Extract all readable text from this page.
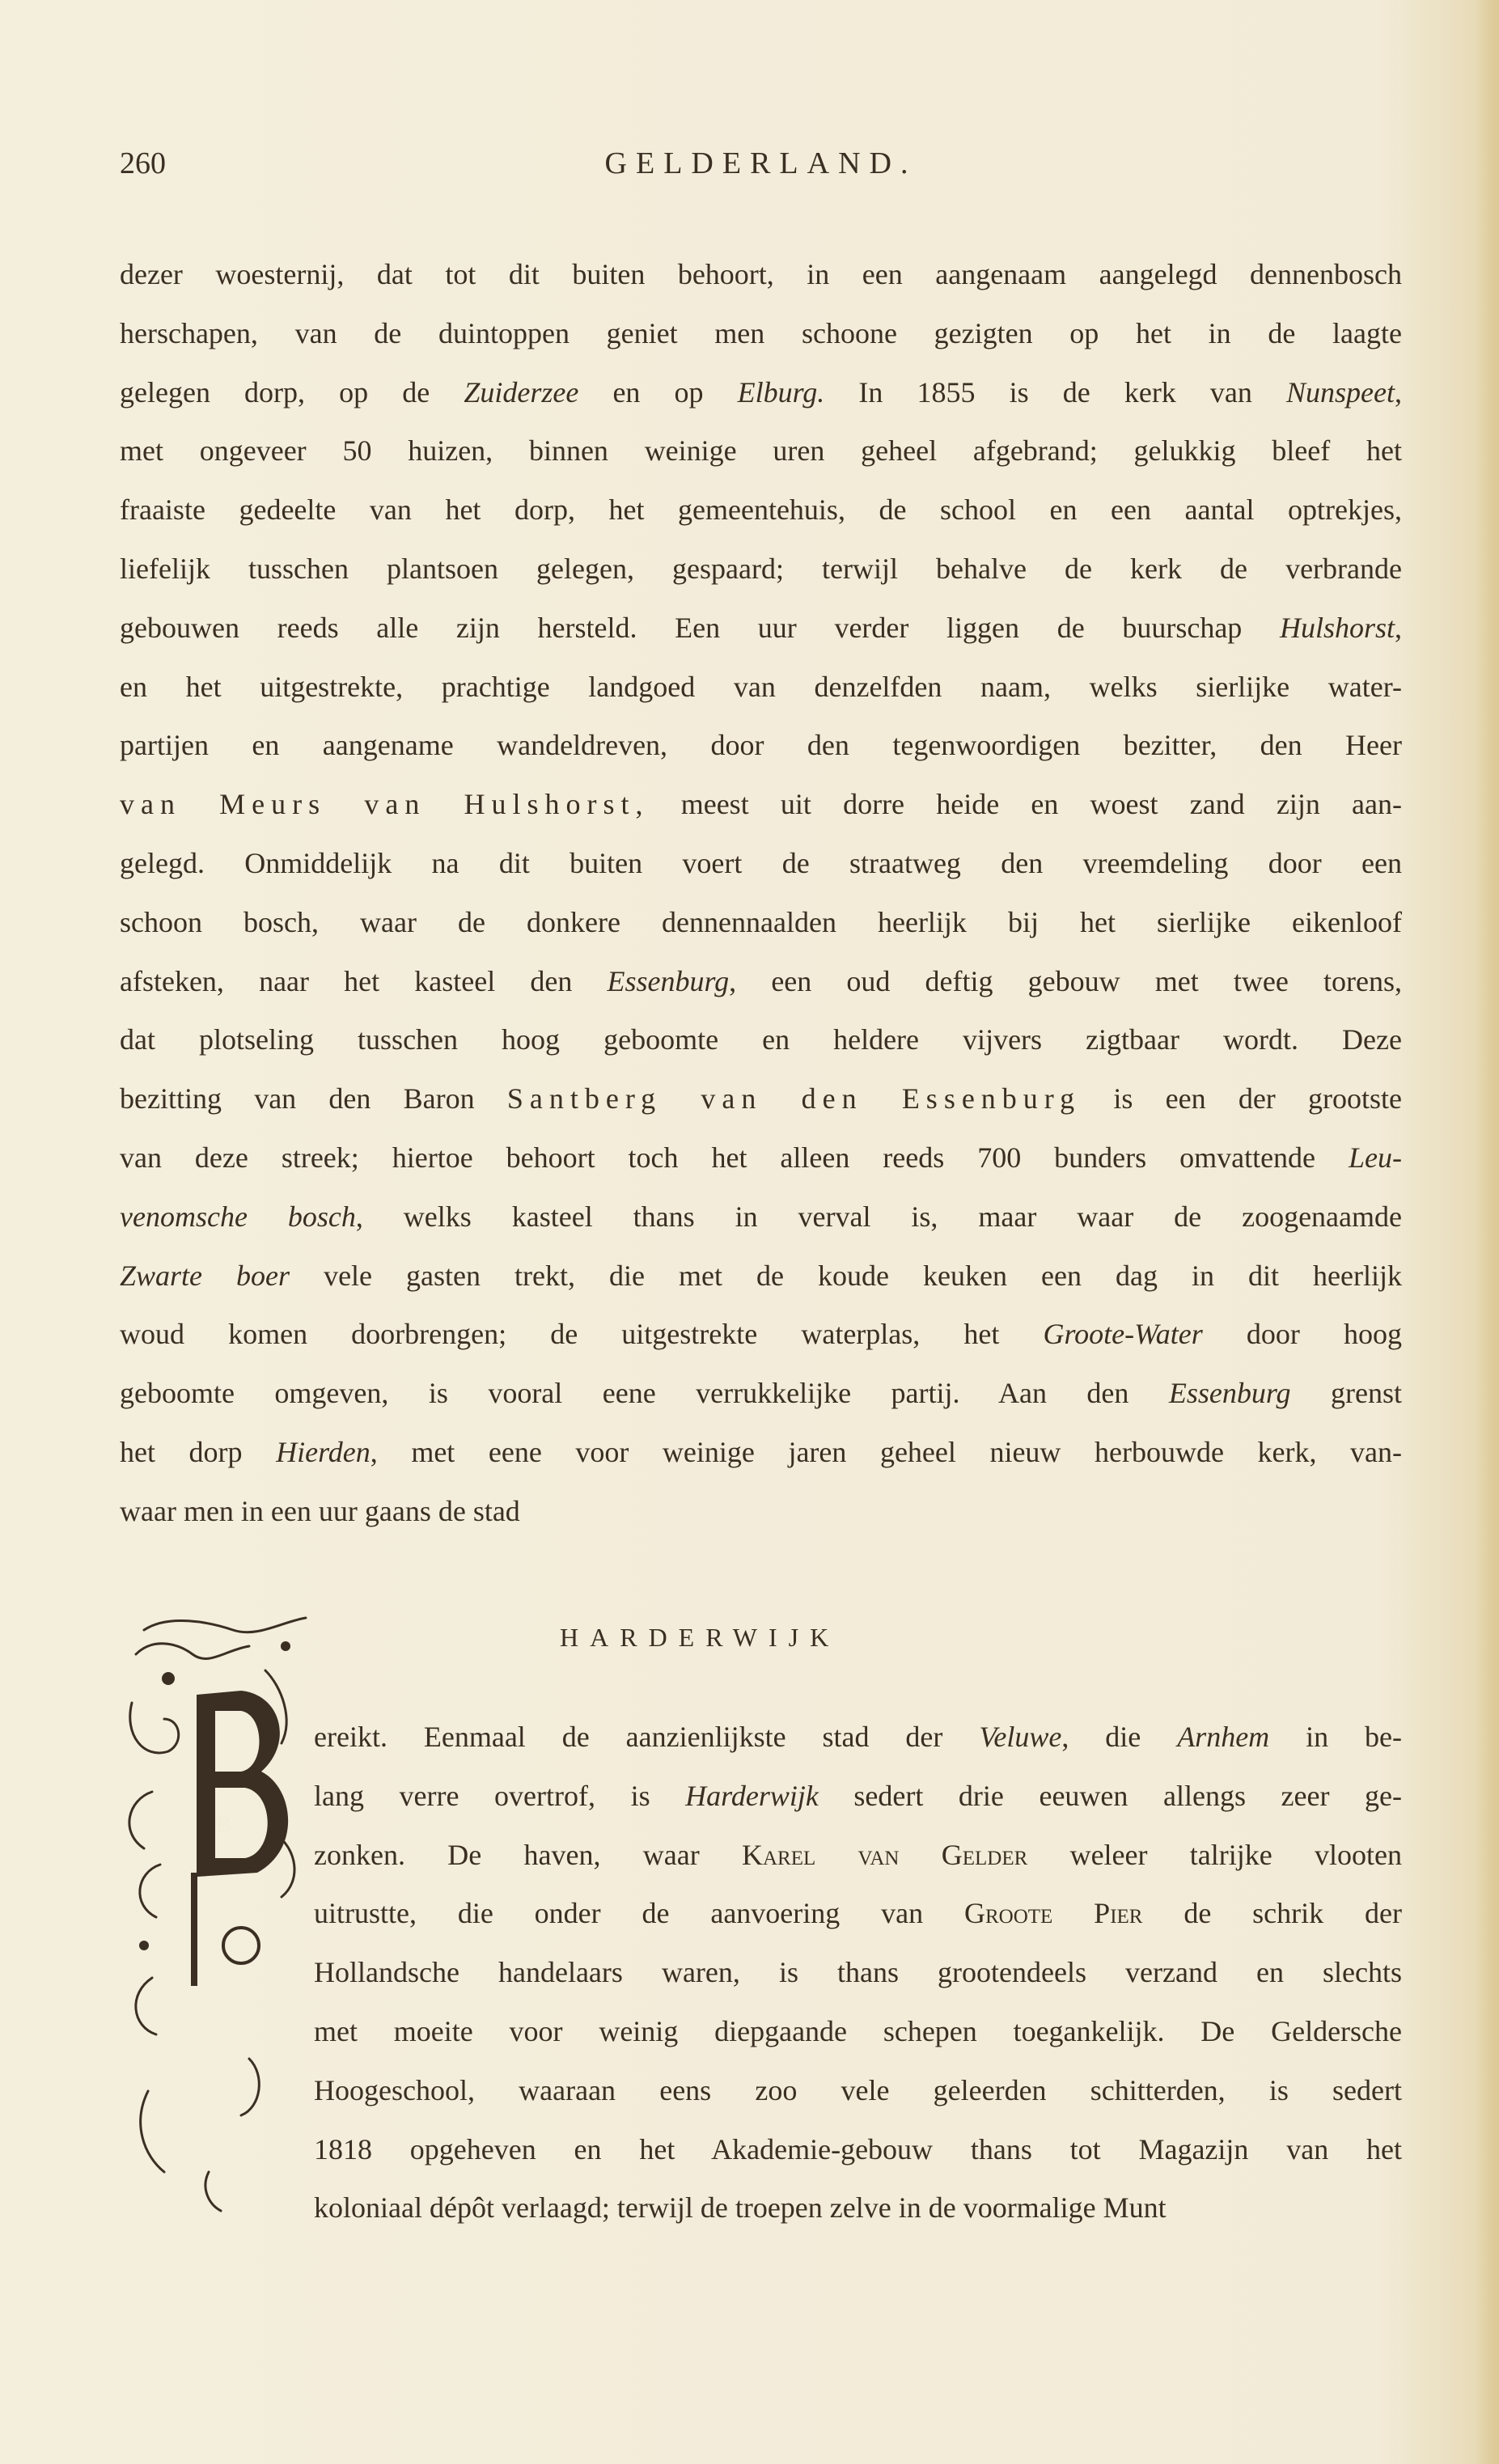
260	GELDERLAND.
dezer woesternij, dat tot dit buiten behoort, in een aangenaam aangelegd dennenbosch
herschapen, van de duintoppen geniet men schoone gezigten op het in de laagte
gelegen dorp, op de Zuiderzee en op Elburg. In 1855 is de kerk van Nunspeet,
met ongeveer 50 huizen, binnen weinige uren geheel afgebrand; gelukkig bleef het
fraaiste gedeelte van het dorp, het gemeentehuis, de school en een aantal optrekjes,
liefelijk tusschen plantsoen gelegen, gespaard; terwijl behalve de kerk de verbrande
gebouwen reeds alle zijn hersteld. Een uur verder liggen de buurschap Hulshorst,
en het uitgestrekte, prachtige landgoed van denzelfden naam, welks sierlijke water-
partijen en aangename wandeldreven, door den tegenwoordigen bezitter, den Heer
van Meurs van Hulshorst, meest uit dorre heide en woest zand zijn aan-
gelegd. Onmiddelijk na dit buiten voert de straatweg den vreemdeling door een
schoon bosch, waar de donkere dennennaalden heerlijk bij het sierlijke eikenloof
afsteken, naar het kasteel den Essenburg, een oud deftig gebouw met twee torens,
dat plotseling tusschen hoog geboomte en heldere vijvers zigtbaar wordt. Deze
bezitting van den Baron Santberg van den Essenburg is een der grootste
van deze streek; hiertoe behoort toch het alleen reeds 700 bunders omvattende Leu-
venomsche bosch, welks kasteel thans in verval is, maar waar de zoogenaamde
Zwarte boer vele gasten trekt, die met de koude keuken een dag in dit heerlijk
woud komen doorbrengen; de uitgestrekte waterplas, het Groote-Water door hoog
geboomte omgeven, is vooral eene verrukkelijke partij. Aan den Essenburg grenst
het dorp Hierden, met eene voor weinige jaren geheel nieuw herbouwde kerk, van-
waar men in een uur gaans de stad
HARDERWIJK
B
ereikt. Eenmaal de aanzienlijkste stad der Veluwe, die Arnhem in be-
lang verre overtrof, is Harderwijk sedert drie eeuwen allengs zeer ge-
zonken. De haven, waar Karel van Gelder weleer talrijke vlooten
uitrustte, die onder de aanvoering van Groote Pier de schrik der
Hollandsche handelaars waren, is thans grootendeels verzand en slechts
met moeite voor weinig diepgaande schepen toegankelijk. De Geldersche
Hoogeschool, waaraan eens zoo vele geleerden schitterden, is sedert
1818 opgeheven en het Akademie-gebouw thans tot Magazijn van het
koloniaal dépôt verlaagd; terwijl de troepen zelve in de voormalige Munt
